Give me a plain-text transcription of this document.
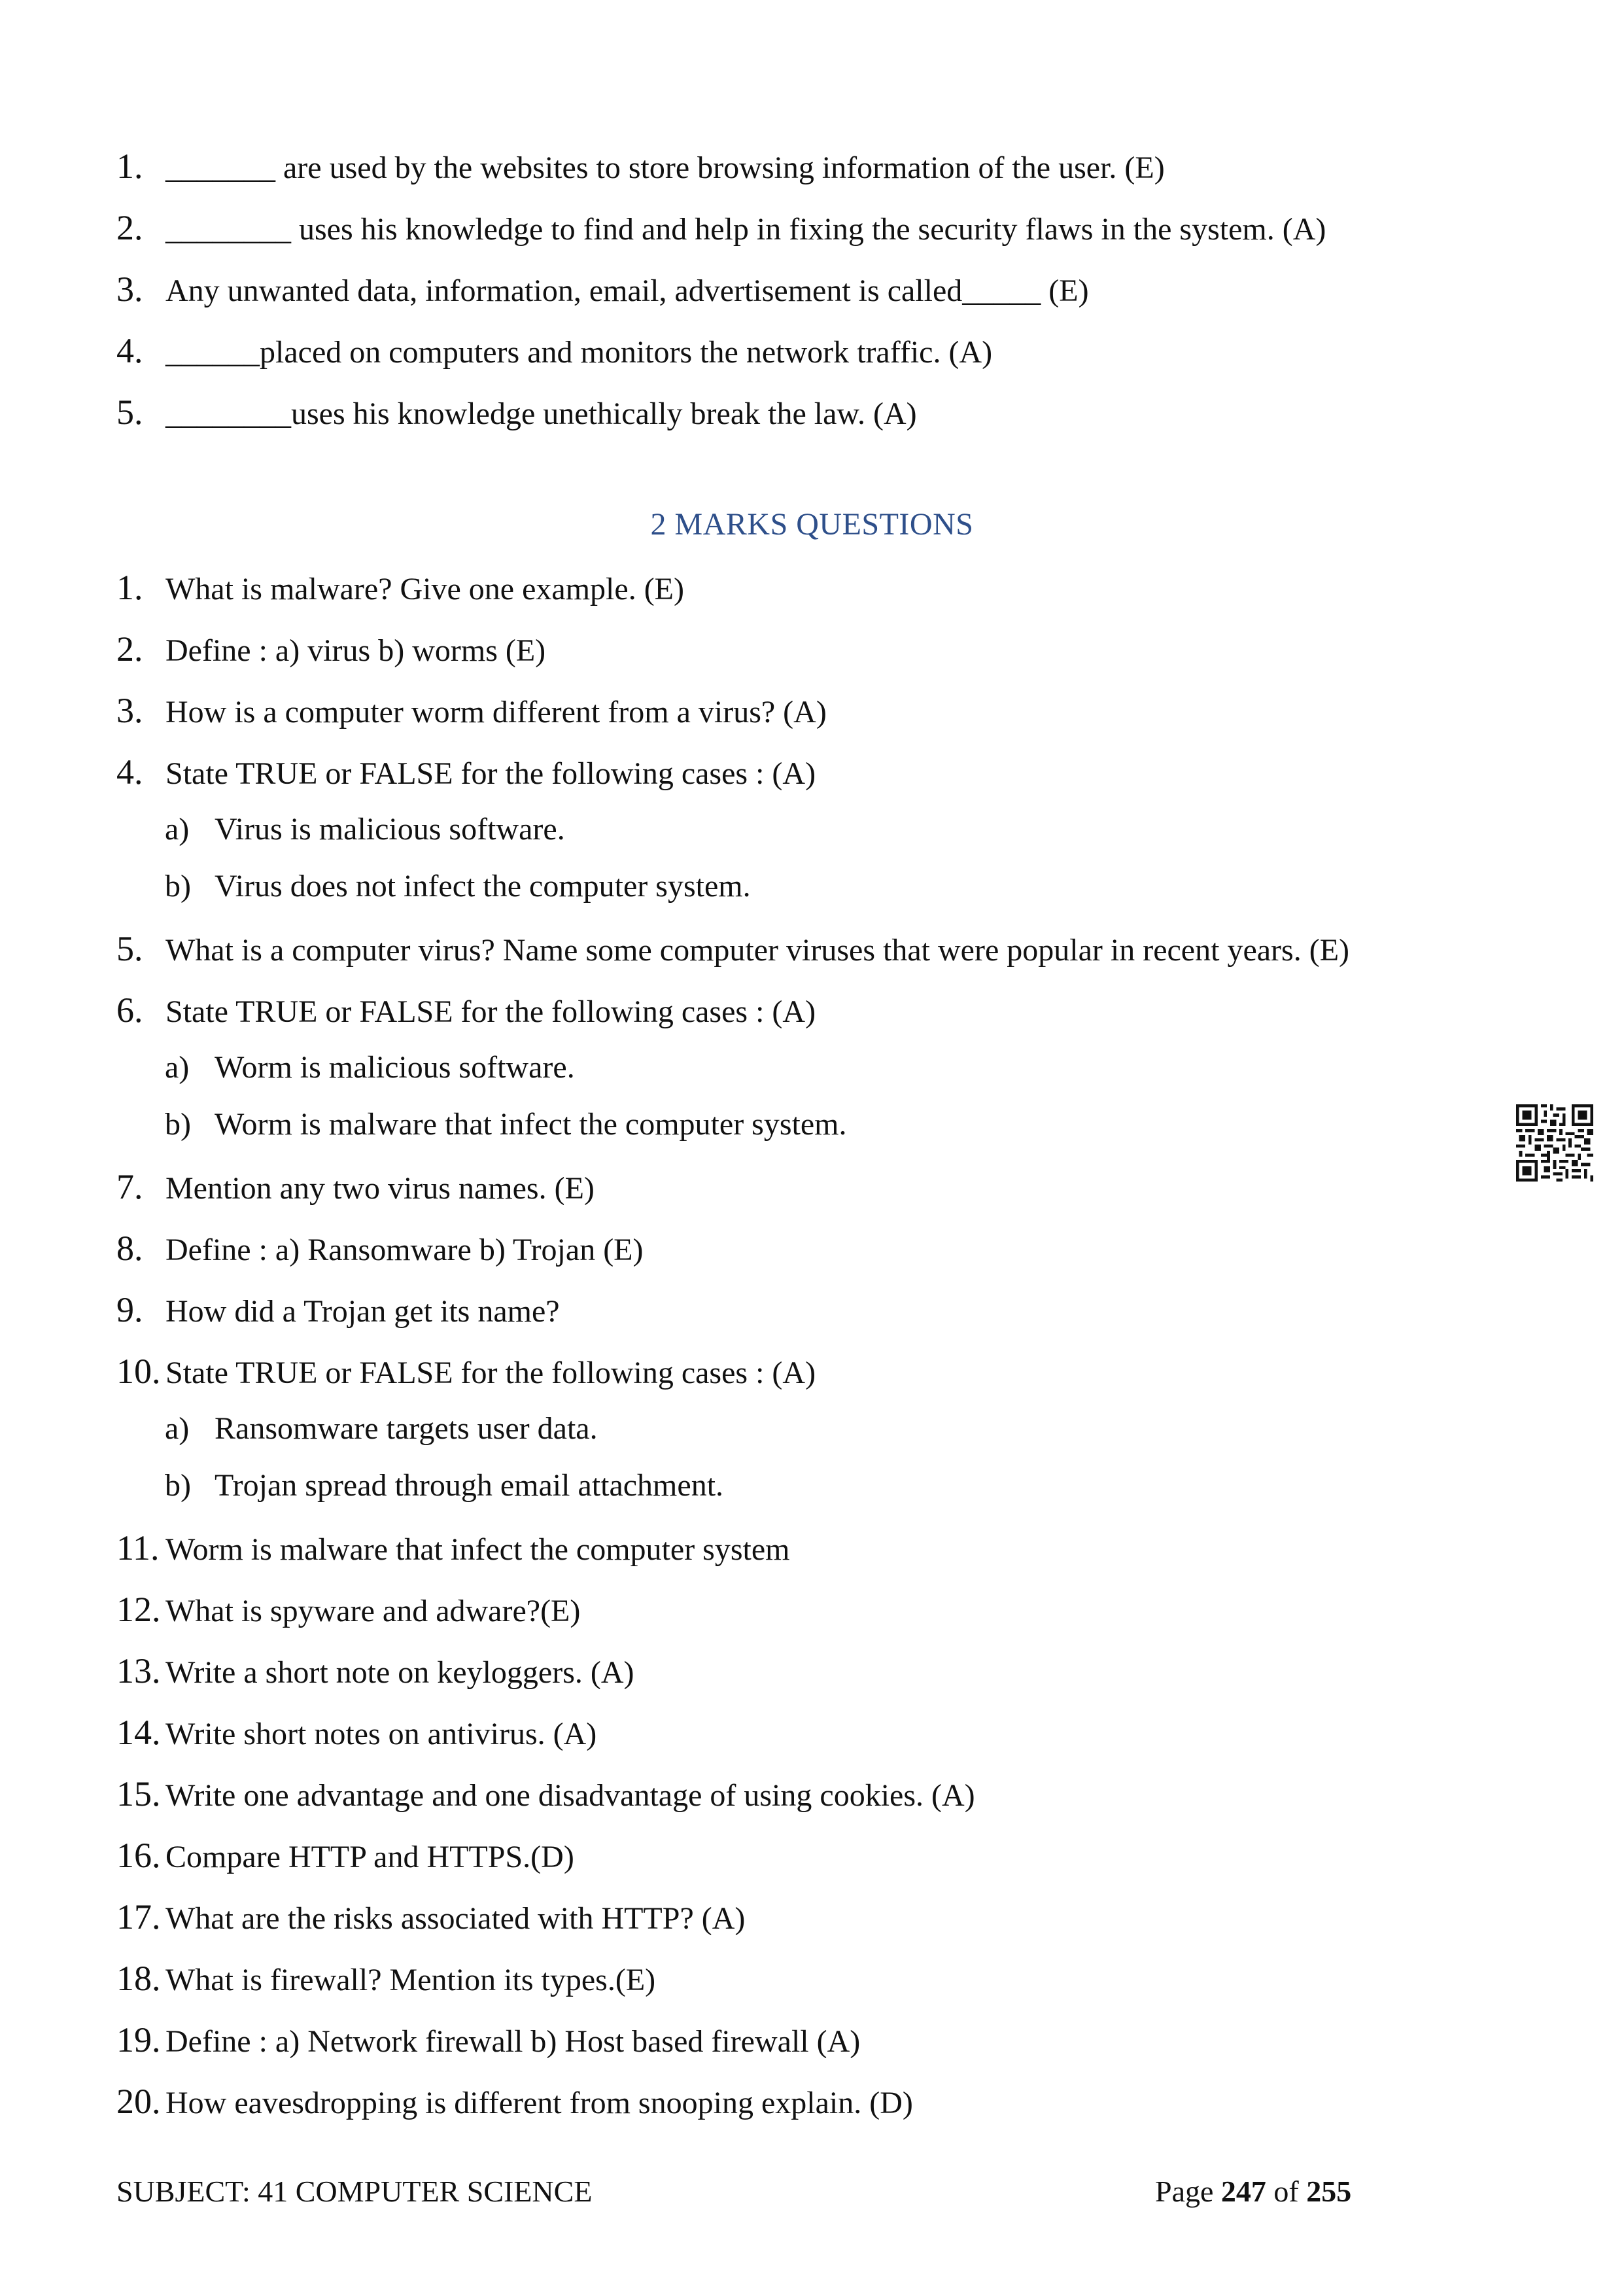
1. _______ are used by the websites to store browsing information of the user. (E)
2. ________ uses his knowledge to find and help in fixing the security flaws in the system. (A)
3. Any unwanted data, information, email, advertisement is called_____ (E)
4. ______placed on computers and monitors the network traffic. (A)
5. ________uses his knowledge unethically break the law. (A)
2 MARKS QUESTIONS
1. What is malware? Give one example. (E)
2. Define : a) virus b) worms (E)
3. How is a computer worm different from a virus? (A)
4. State TRUE or FALSE for the following cases : (A)
a) Virus is malicious software.
b) Virus does not infect the computer system.
5. What is a computer virus? Name some computer viruses that were popular in recent years. (E)
6. State TRUE or FALSE for the following cases : (A)
a) Worm is malicious software.
b) Worm is malware that infect the computer system.
7. Mention any two virus names. (E)
8. Define : a) Ransomware b) Trojan (E)
9. How did a Trojan get its name?
10. State TRUE or FALSE for the following cases : (A)
a) Ransomware targets user data.
b) Trojan spread through email attachment.
11. Worm is malware that infect the computer system
12. What is spyware and adware?(E)
13. Write a short note on keyloggers. (A)
14. Write short notes on antivirus. (A)
15. Write one advantage and one disadvantage of using cookies. (A)
16. Compare HTTP and HTTPS.(D)
17. What are the risks associated with HTTP? (A)
18. What is firewall? Mention its types.(E)
19. Define : a) Network firewall b) Host based firewall (A)
20. How eavesdropping is different from snooping explain. (D)
SUBJECT: 41 COMPUTER SCIENCE	Page 247 of 255
